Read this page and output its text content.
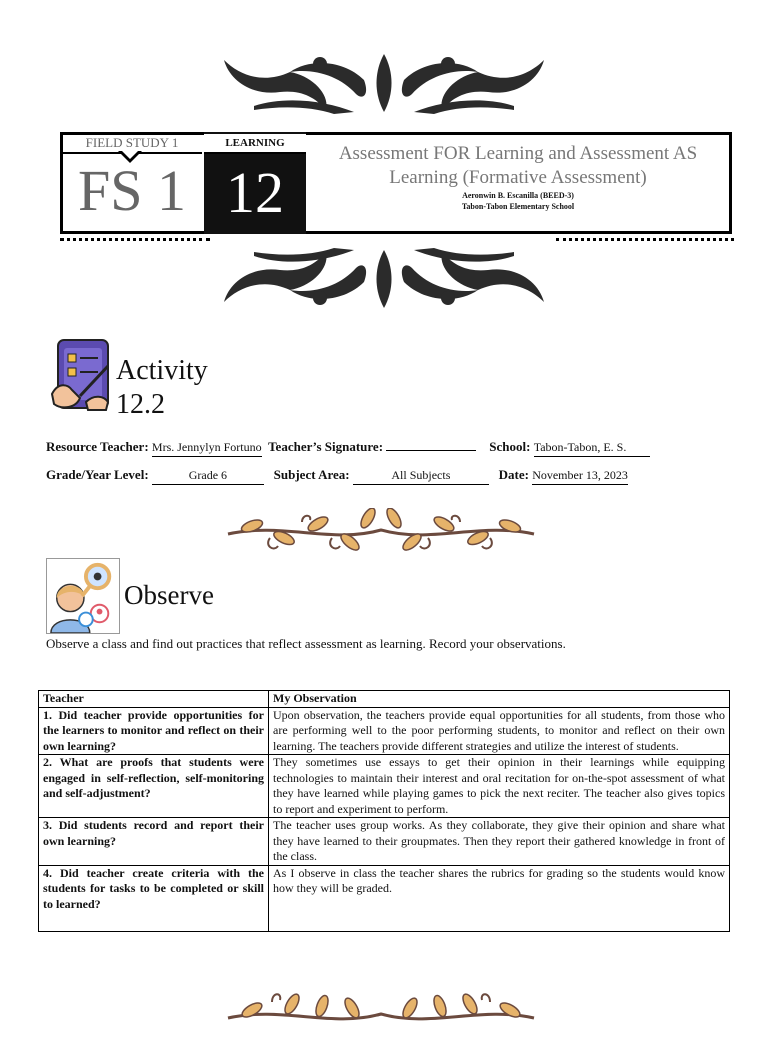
FIELD STUDY 1
FS 1
LEARNING
12
Assessment FOR Learning and Assessment AS Learning (Formative Assessment)
Aeronwin B. Escanilla (BEED-3)
Tabon-Tabon Elementary School
Activity
12.2
Resource Teacher: Mrs. Jennylyn Fortuno Teacher’s Signature:	School: Tabon-Tabon, E. S.
Grade/Year Level:	Grade 6	Subject Area:	All Subjects	Date: November 13, 2023
Observe
Observe a class and find out practices that reflect assessment as learning. Record your observations.
Teacher	My Observation
1. Did teacher provide opportunities for the learners to monitor and reflect on their own learning?	Upon observation, the teachers provide equal opportunities for all students, from those who are performing well to the poor performing students, to monitor and reflect on their own learning. The teachers provide different strategies and utilize the interest of students.
2. What are proofs that students were engaged in self-reflection, self-monitoring and self-adjustment?	They sometimes use essays to get their opinion in their learnings while equipping technologies to maintain their interest and oral recitation for on-the-spot assessment of what they have learned while playing games to pick the next reciter. The teacher also gives topics to report and experiment to perform.
3. Did students record and report their own learning?	The teacher uses group works. As they collaborate, they give their opinion and share what they have learned to their groupmates. Then they report their gathered knowledge in front of the class.
4. Did teacher create criteria with the students for tasks to be completed or skill to learned?	As I observe in class the teacher shares the rubrics for grading so the students would know how they will be graded.
